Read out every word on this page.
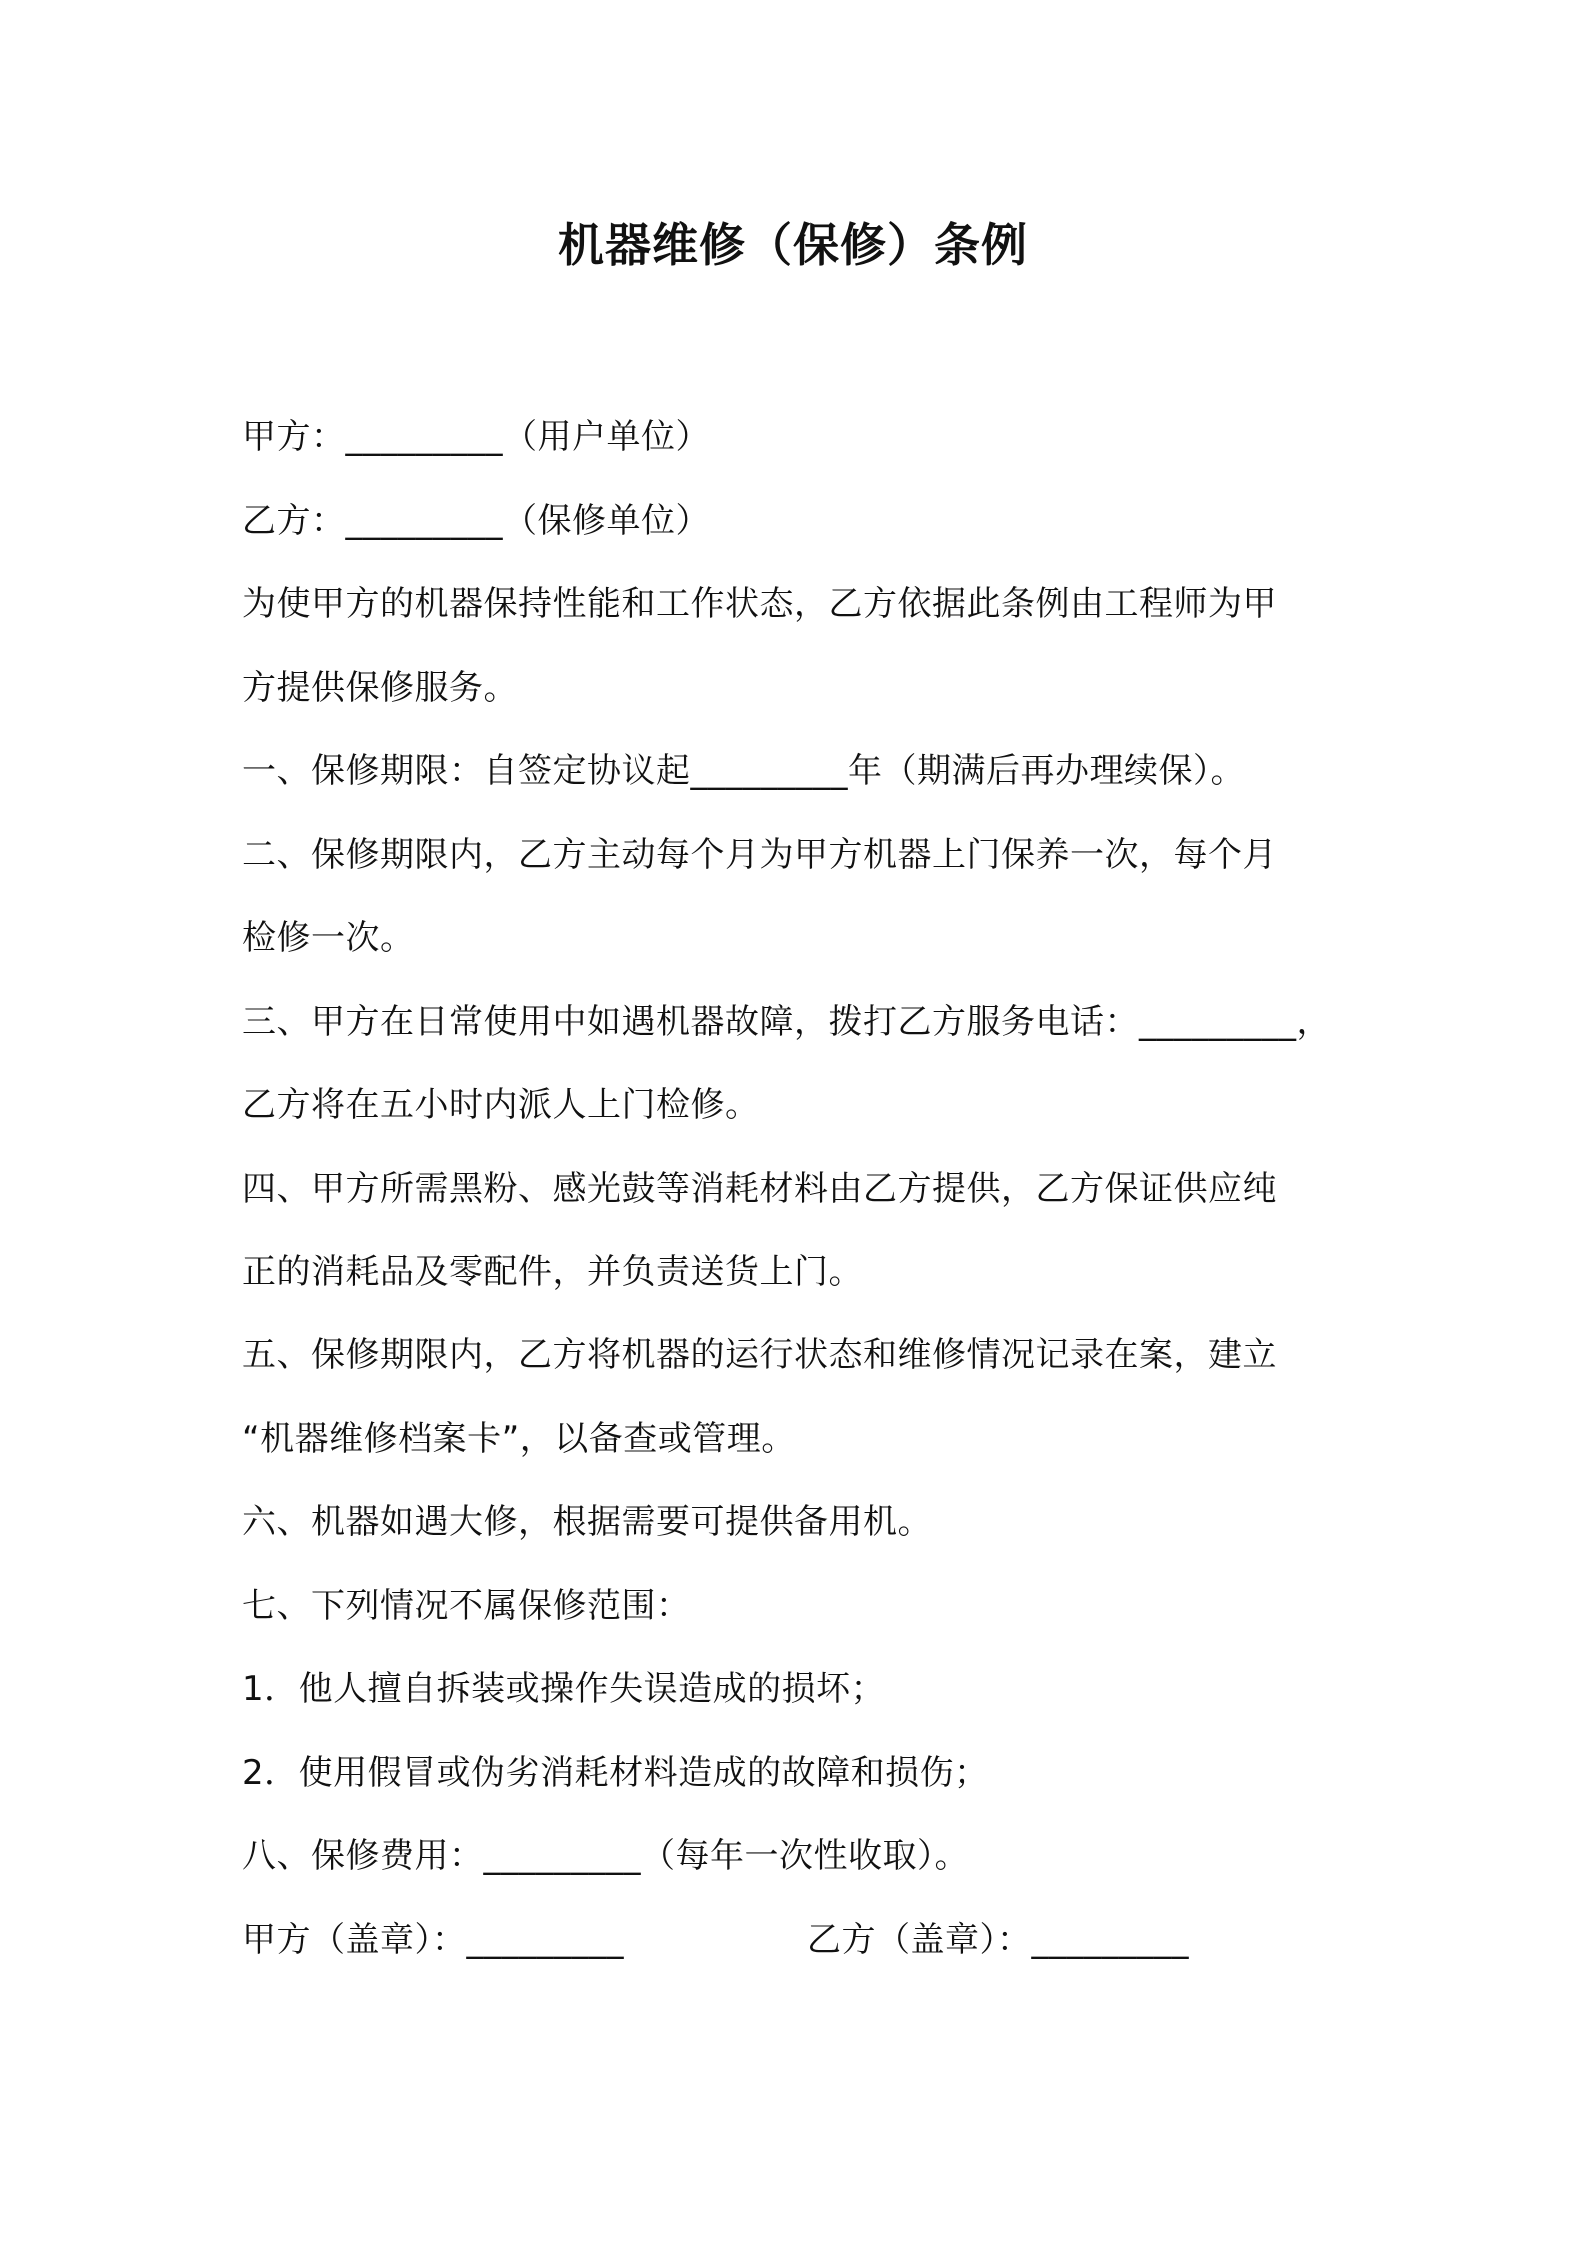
机器维修（保修）条例
甲方：_________（用户单位）
乙方：_________（保修单位）
为使甲方的机器保持性能和工作状态，乙方依据此条例由工程师为甲
方提供保修服务。
一、保修期限：自签定协议起_________年（期满后再办理续保）。
二、保修期限内，乙方主动每个月为甲方机器上门保养一次，每个月
检修一次。
三、甲方在日常使用中如遇机器故障，拨打乙方服务电话：_________，
乙方将在五小时内派人上门检修。
四、甲方所需黑粉、感光鼓等消耗材料由乙方提供，乙方保证供应纯
正的消耗品及零配件，并负责送货上门。
五、保修期限内，乙方将机器的运行状态和维修情况记录在案，建立
“机器维修档案卡”，以备查或管理。
六、机器如遇大修，根据需要可提供备用机。
七、下列情况不属保修范围：
1．他人擅自拆装或操作失误造成的损坏；
2．使用假冒或伪劣消耗材料造成的故障和损伤；
八、保修费用：_________（每年一次性收取）。
甲方（盖章）：_________	乙方（盖章）：_________
